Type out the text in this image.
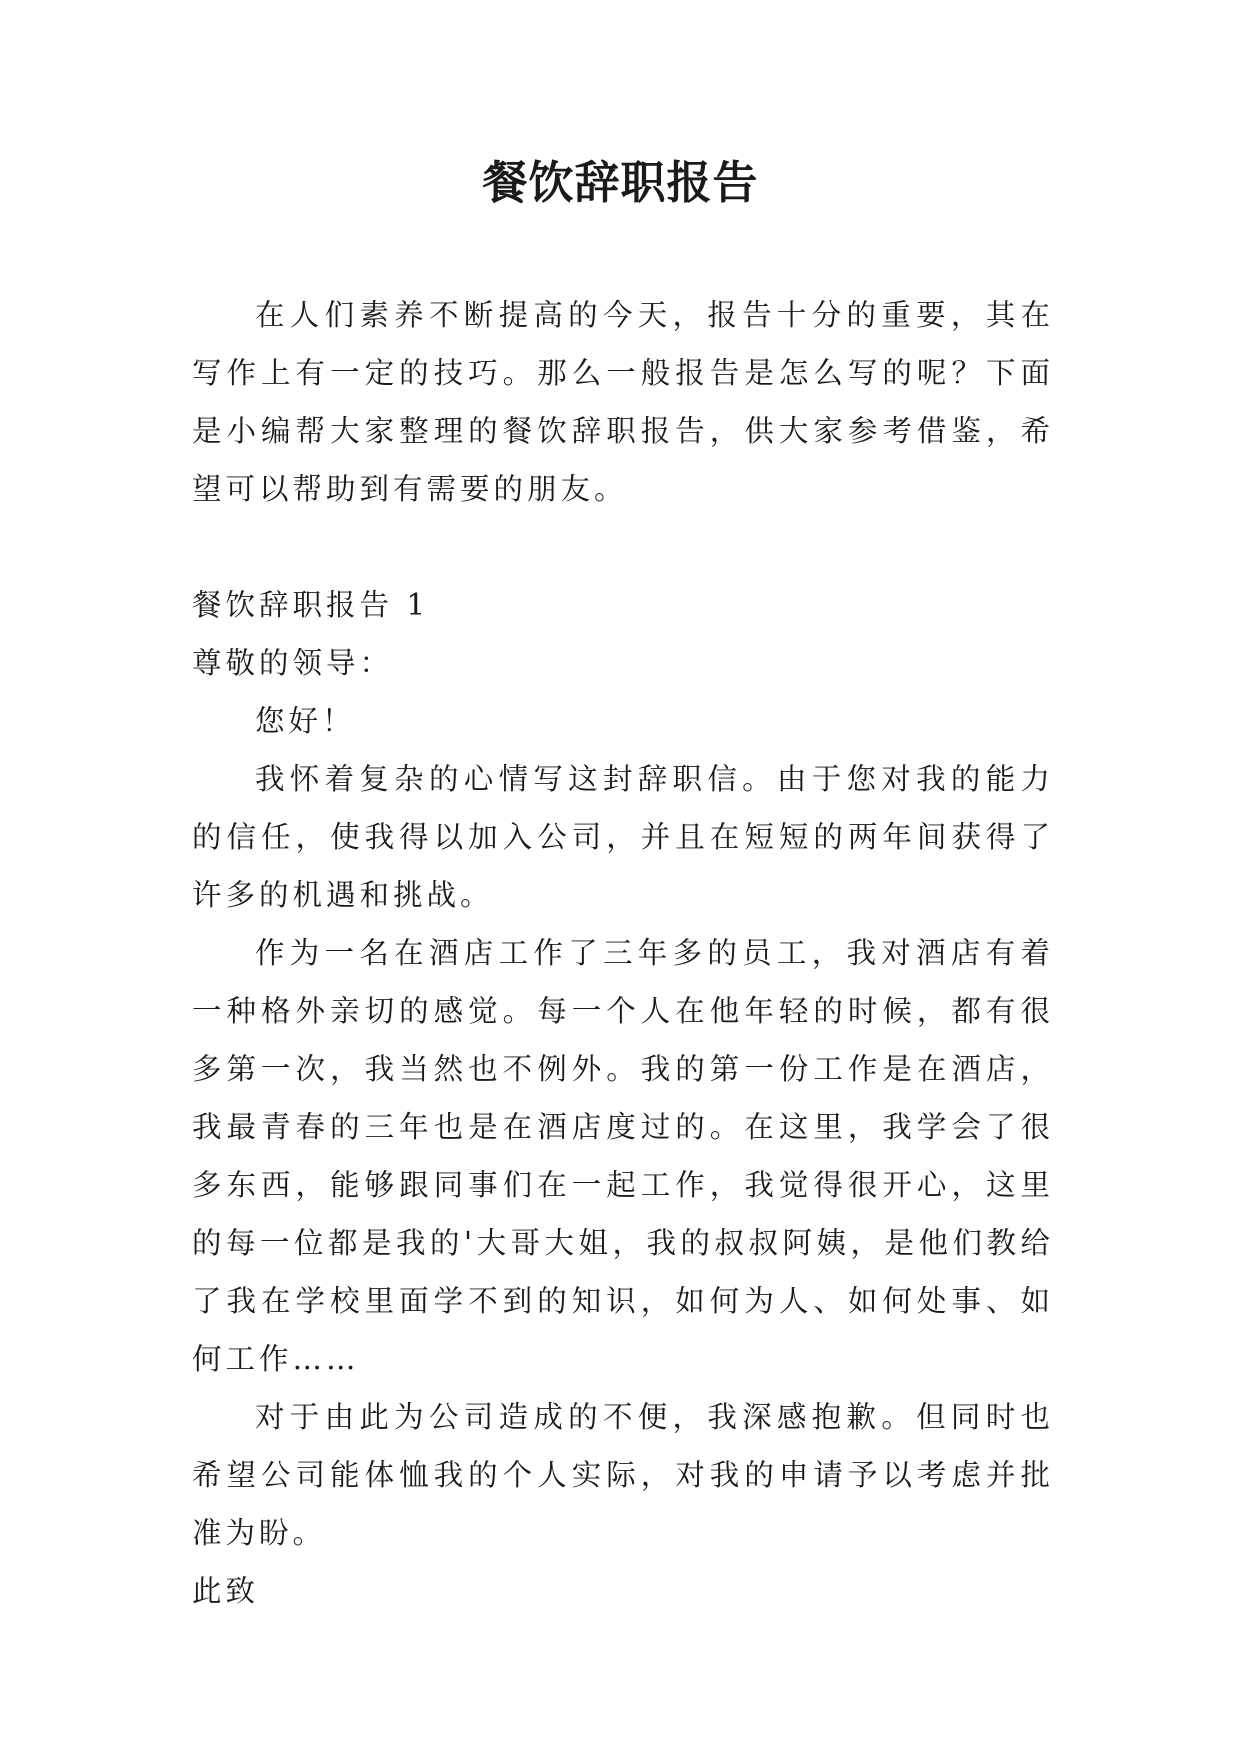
餐饮辞职报告

在人们素养不断提高的今天，报告十分的重要，其在写作上有一定的技巧。那么一般报告是怎么写的呢？下面是小编帮大家整理的餐饮辞职报告，供大家参考借鉴，希望可以帮助到有需要的朋友。

餐饮辞职报告 1

尊敬的领导：

您好！

我怀着复杂的心情写这封辞职信。由于您对我的能力的信任，使我得以加入公司，并且在短短的两年间获得了许多的机遇和挑战。

作为一名在酒店工作了三年多的员工，我对酒店有着一种格外亲切的感觉。每一个人在他年轻的时候，都有很多第一次，我当然也不例外。我的第一份工作是在酒店，我最青春的三年也是在酒店度过的。在这里，我学会了很多东西，能够跟同事们在一起工作，我觉得很开心，这里的每一位都是我的'大哥大姐，我的叔叔阿姨，是他们教给了我在学校里面学不到的知识，如何为人、如何处事、如何工作……

对于由此为公司造成的不便，我深感抱歉。但同时也希望公司能体恤我的个人实际，对我的申请予以考虑并批准为盼。

此致
